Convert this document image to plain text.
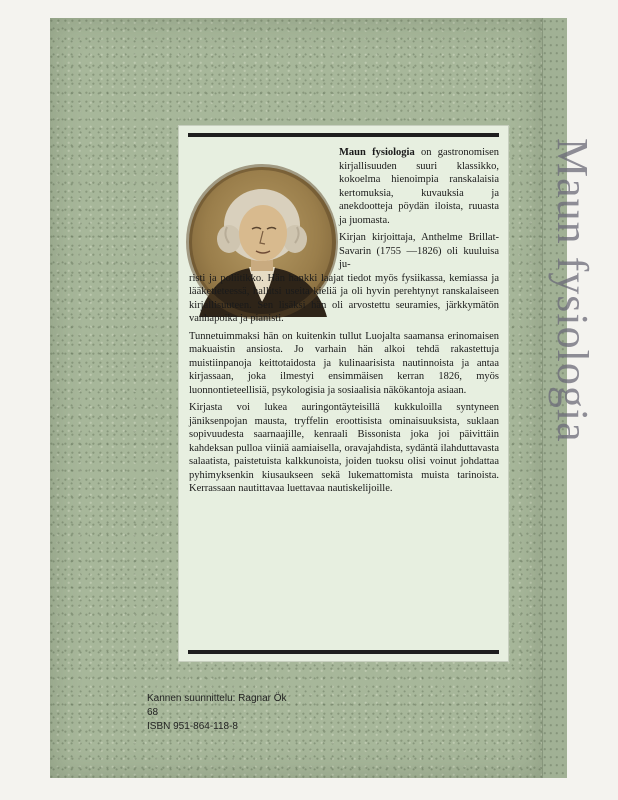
Maun fysiologia on gastronomisen kirjallisuuden suuri klassikko, kokoelma hienoimpia ranskalaisia kertomuksia, kuvauksia ja anekdootteja pöydän iloista, ruuasta ja juomasta.

Kirjan kirjoittaja, Anthelme Brillat-Savarin (1755 —1826) oli kuuluisa ju-
risti ja poliitikko. Hän hankki laajat tiedot myös fysiikassa, kemiassa ja lääketieteessä, hallitsi useita kieliä ja oli hyvin perehtynyt ranskalaiseen kirjallisuuteen. Sen lisäksi hän oli arvostettu seuramies, järkkymätön vanhapoika ja pianisti.

Tunnetuimmaksi hän on kuitenkin tullut Luojalta saamansa erinomaisen makuaistin ansiosta. Jo varhain hän alkoi tehdä rakastettuja muistiinpanoja keittotaidosta ja kulinaarisista nautinnoista ja antaa kirjassaan, joka ilmestyi ensimmäisen kerran 1826, myös luonnontieteellisiä, psykologisia ja sosiaalisia näkökantoja asiaan.

Kirjasta voi lukea auringontäyteisillä kukkuloilla syntyneen jäniksenpojan mausta, tryffelin eroottisista ominaisuuksista, suklaan sopivuudesta saarnaajille, kenraali Bissonista joka joi päivittäin kahdeksan pulloa viiniä aamiaisella, oravajahdista, sydäntä ilahduttavasta salaatista, paistetuista kalkkunoista, joiden tuoksu olisi voinut johdattaa pyhimyksenkin kiusaukseen sekä lukemattomista muista tarinoista. Kerrassaan nautittavaa luettavaa nautiskelijoille.

Kannen suunnittelu: Ragnar Ök
68
ISBN 951-864-118-8
Maun fysiologia
